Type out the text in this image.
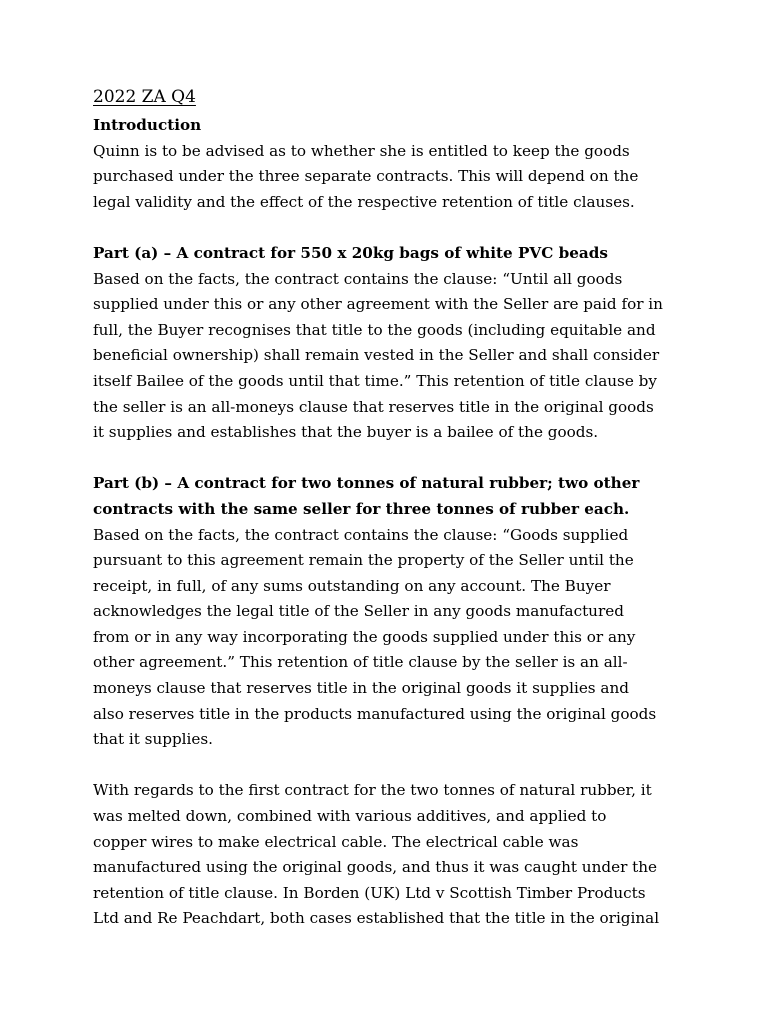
2022 ZA Q4

Introduction

Quinn is to be advised as to whether she is entitled to keep the goods
purchased under the three separate contracts. This will depend on the
legal validity and the effect of the respective retention of title clauses.

Part (a) – A contract for 550 x 20kg bags of white PVC beads

Based on the facts, the contract contains the clause: “Until all goods
supplied under this or any other agreement with the Seller are paid for in
full, the Buyer recognises that title to the goods (including equitable and
beneficial ownership) shall remain vested in the Seller and shall consider
itself Bailee of the goods until that time.” This retention of title clause by
the seller is an all-moneys clause that reserves title in the original goods
it supplies and establishes that the buyer is a bailee of the goods.

Part (b) – A contract for two tonnes of natural rubber; two other
contracts with the same seller for three tonnes of rubber each.

Based on the facts, the contract contains the clause: “Goods supplied
pursuant to this agreement remain the property of the Seller until the
receipt, in full, of any sums outstanding on any account. The Buyer
acknowledges the legal title of the Seller in any goods manufactured
from or in any way incorporating the goods supplied under this or any
other agreement.” This retention of title clause by the seller is an all-
moneys clause that reserves title in the original goods it supplies and
also reserves title in the products manufactured using the original goods
that it supplies.

With regards to the first contract for the two tonnes of natural rubber, it
was melted down, combined with various additives, and applied to
copper wires to make electrical cable. The electrical cable was
manufactured using the original goods, and thus it was caught under the
retention of title clause. In Borden (UK) Ltd v Scottish Timber Products
Ltd and Re Peachdart, both cases established that the title in the original
